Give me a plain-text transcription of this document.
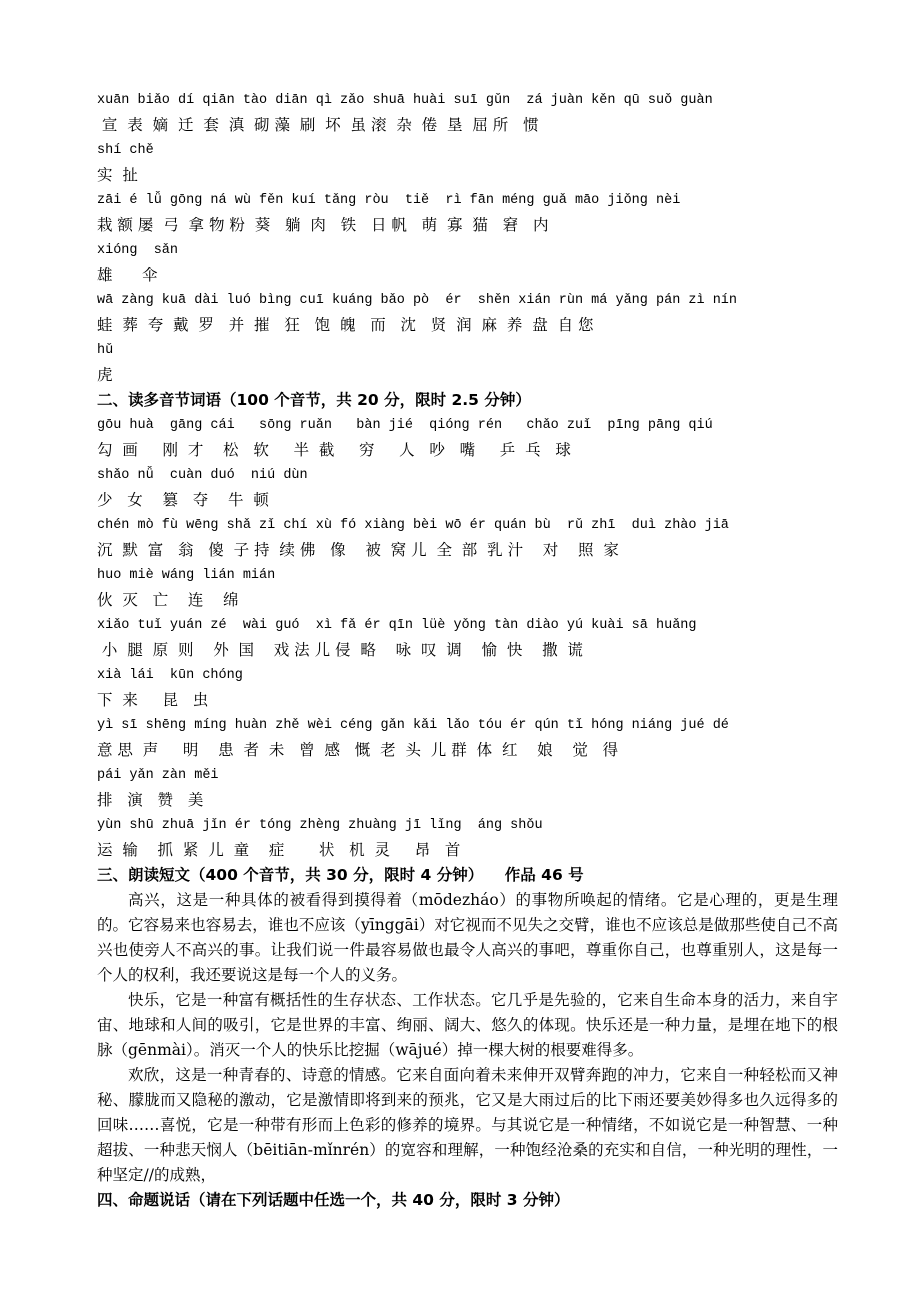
xuān biǎo dí qiān tào diān qì zǎo shuā huài suī gǔn  zá juàn kěn qū suǒ guàn
宣  表  嫡  迁  套  滇  砌 藻  刷  坏  虽 滚  杂  倦  垦  屈 所   惯
shí chě
实  扯
zāi é lǚ gōng ná wù fěn kuí tǎng ròu  tiě  rì fān méng guǎ māo jiǒng nèi
栽 额 屡  弓  拿 物 粉  葵   躺  肉   铁   日 帆   萌  寡  猫   窘   内
xióng  sǎn
雄      伞
wā zàng kuā dài luó bìng cuī kuáng bǎo pò  ér  shěn xián rùn má yǎng pán zì nín
蛙  葬  夸  戴  罗   并  摧   狂   饱  魄   而   沈   贤  润  麻  养  盘  自 您
hǔ
虎
二、读多音节词语（100 个音节，共 20 分，限时 2.5 分钟）
gōu huà  gāng cái   sōng ruǎn   bàn jié  qióng rén   chǎo zuǐ  pīng pāng qiú
勾  画     刚  才    松   软     半  截     穷     人   吵   嘴     乒  乓   球
shǎo nǚ  cuàn duó  niú dùn
少   女    篡   夺    牛  顿
chén mò fù wēng shǎ zǐ chí xù fó xiàng bèi wō ér quán bù  rǔ zhī  duì zhào jiā
沉  默  富   翁   傻  子 持  续 佛   像    被  窝 儿  全  部  乳 汁    对    照  家
huo miè wáng lián mián
伙  灭   亡    连    绵
xiǎo tuǐ yuán zé  wài guó  xì fǎ ér qīn lüè yǒng tàn diào yú kuài sā huǎng
小  腿  原  则    外  国    戏 法 儿 侵  略    咏  叹  调    愉  快    撒  谎
xià lái  kūn chóng
下  来     昆   虫
yì sī shēng míng huàn zhě wèi céng gǎn kǎi lǎo tóu ér qún tǐ hóng niáng jué dé
意 思  声     明    患  者  未   曾  感   慨  老  头  儿 群  体  红    娘    觉   得
pái yǎn zàn měi
排   演   赞   美
yùn shū zhuā jǐn ér tóng zhèng zhuàng jī lǐng  áng shǒu
运  输    抓  紧  儿  童    症       状   机  灵     昂   首
三、朗读短文（400 个音节，共 30 分，限时 4 分钟）    作品 46 号

高兴，这是一种具体的被看得到摸得着（mōdezháo）的事物所唤起的情绪。它是心理的，更是生理的。它容易来也容易去，谁也不应该（yīnggāi）对它视而不见失之交臂，谁也不应该总是做那些使自己不高兴也使旁人不高兴的事。让我们说一件最容易做也最令人高兴的事吧，尊重你自己，也尊重别人，这是每一个人的权利，我还要说这是每一个人的义务。

快乐，它是一种富有概括性的生存状态、工作状态。它几乎是先验的，它来自生命本身的活力，来自宇宙、地球和人间的吸引，它是世界的丰富、绚丽、阔大、悠久的体现。快乐还是一种力量，是埋在地下的根脉（gēnmài）。消灭一个人的快乐比挖掘（wājué）掉一棵大树的根要难得多。

欢欣，这是一种青春的、诗意的情感。它来自面向着未来伸开双臂奔跑的冲力，它来自一种轻松而又神秘、朦胧而又隐秘的激动，它是激情即将到来的预兆，它又是大雨过后的比下雨还要美妙得多也久远得多的回味……喜悦，它是一种带有形而上色彩的修养的境界。与其说它是一种情绪，不如说它是一种智慧、一种超拔、一种悲天悯人（bēitiān-mǐnrén）的宽容和理解，一种饱经沧桑的充实和自信，一种光明的理性，一种坚定//的成熟，

四、命题说话（请在下列话题中任选一个，共 40 分，限时 3 分钟）
